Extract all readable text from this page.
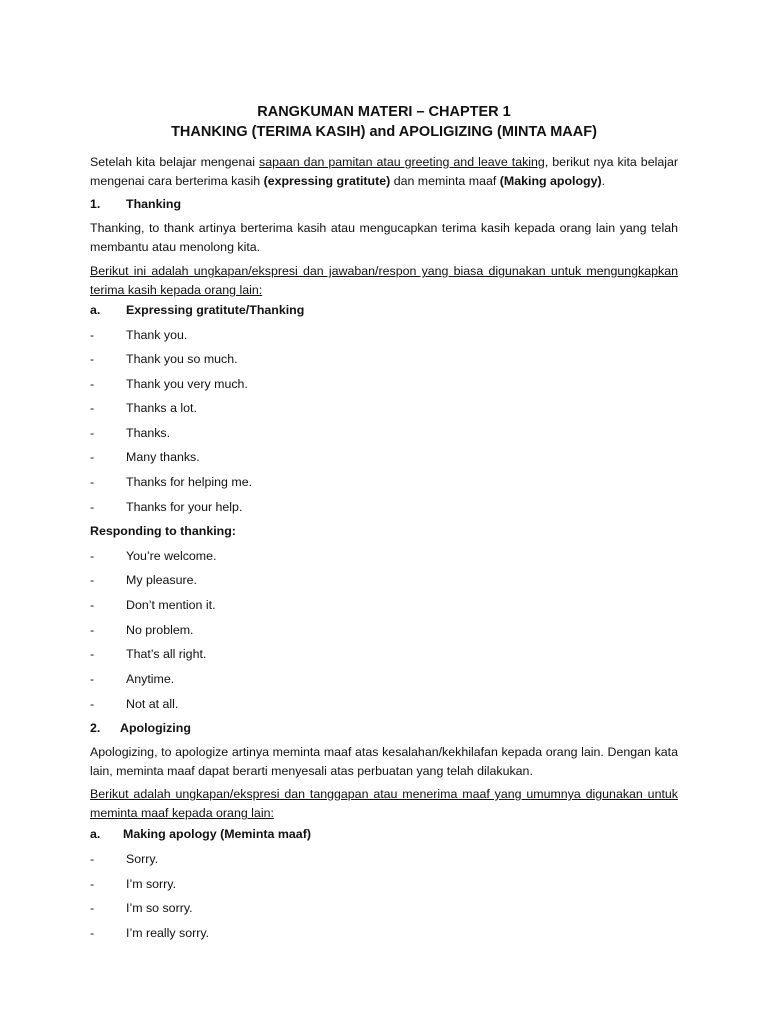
RANGKUMAN MATERI – CHAPTER 1
THANKING (TERIMA KASIH) and APOLIGIZING (MINTA MAAF)
Setelah kita belajar mengenai sapaan dan pamitan atau greeting and leave taking, berikut nya kita belajar mengenai cara berterima kasih (expressing gratitute) dan meminta maaf (Making apology).
1. Thanking
Thanking, to thank artinya berterima kasih atau mengucapkan terima kasih kepada orang lain yang telah membantu atau menolong kita.
Berikut ini adalah ungkapan/ekspresi dan jawaban/respon yang biasa digunakan untuk mengungkapkan terima kasih kepada orang lain:
a. Expressing gratitute/Thanking
-	Thank you.
-	Thank you so much.
-	Thank you very much.
-	Thanks a lot.
-	Thanks.
-	Many thanks.
-	Thanks for helping me.
-	Thanks for your help.
Responding to thanking:
-	You’re welcome.
-	My pleasure.
-	Don’t mention it.
-	No problem.
-	That’s all right.
-	Anytime.
-	Not at all.
2. Apologizing
Apologizing, to apologize artinya meminta maaf atas kesalahan/kekhilafan kepada orang lain. Dengan kata lain, meminta maaf dapat berarti menyesali atas perbuatan yang telah dilakukan.
Berikut adalah ungkapan/ekspresi dan tanggapan atau menerima maaf yang umumnya digunakan untuk meminta maaf kepada orang lain:
a. Making apology (Meminta maaf)
-	Sorry.
-	I’m sorry.
-	I’m so sorry.
-	I’m really sorry.
